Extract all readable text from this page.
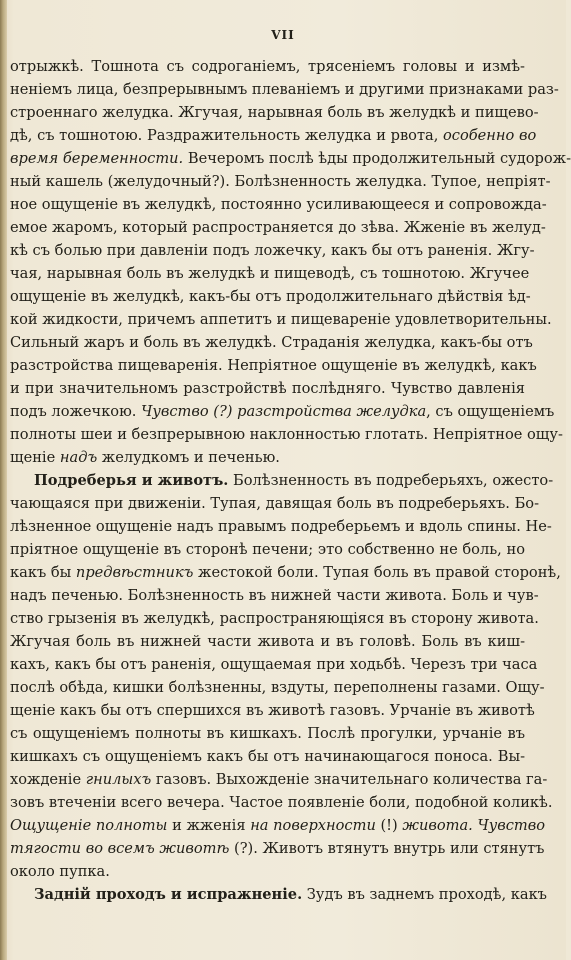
VII
отрыжкѣ. Тошнота съ содроганіемъ, трясеніемъ головы и измѣ-
неніемъ лица, безпрерывнымъ плеваніемъ и другими признаками раз-
строеннаго желудка. Жгучая, нарывная боль въ желудкѣ и пищево-
дѣ, съ тошнотою. Раздражительность желудка и рвота, особенно во
время беременности. Вечеромъ послѣ ѣды продолжительный судорож-
ный кашель (желудочный?). Болѣзненность желудка. Тупое, непріят-
ное ощущеніе въ желудкѣ, постоянно усиливающееся и сопровожда-
емое жаромъ, который распространяется до зѣва. Жженіе въ желуд-
кѣ съ болью при давленіи подъ ложечку, какъ бы отъ раненія. Жгу-
чая, нарывная боль въ желудкѣ и пищеводѣ, съ тошнотою. Жгучее
ощущеніе въ желудкѣ, какъ-бы отъ продолжительнаго дѣйствія ѣд-
кой жидкости, причемъ аппетитъ и пищевареніе удовлетворительны.
Сильный жаръ и боль въ желудкѣ. Страданія желудка, какъ-бы отъ
разстройства пищеваренія. Непріятное ощущеніе въ желудкѣ, какъ
и при значительномъ разстройствѣ послѣдняго. Чувство давленія
подъ ложечкою. Чувство (?) разстройства желудка, съ ощущеніемъ
полноты шеи и безпрерывною наклонностью глотать. Непріятное ощу-
щеніе надъ желудкомъ и печенью.
Подреберья и животъ. Болѣзненность въ подреберьяхъ, ожесто-
чающаяся при движеніи. Тупая, давящая боль въ подреберьяхъ. Бо-
лѣзненное ощущеніе надъ правымъ подреберьемъ и вдоль спины. Не-
пріятное ощущеніе въ сторонѣ печени; это собственно не боль, но
какъ бы предвѣстникъ жестокой боли. Тупая боль въ правой сторонѣ,
надъ печенью. Болѣзненность въ нижней части живота. Боль и чув-
ство грызенія въ желудкѣ, распространяющіяся въ сторону живота.
Жгучая боль въ нижней части живота и въ головѣ. Боль въ киш-
кахъ, какъ бы отъ раненія, ощущаемая при ходьбѣ. Черезъ три часа
послѣ обѣда, кишки болѣзненны, вздуты, переполнены газами. Ощу-
щеніе какъ бы отъ спершихся въ животѣ газовъ. Урчаніе въ животѣ
съ ощущеніемъ полноты въ кишкахъ. Послѣ прогулки, урчаніе въ
кишкахъ съ ощущеніемъ какъ бы отъ начинающагося поноса. Вы-
хожденіе гнилыхъ газовъ. Выхожденіе значительнаго количества га-
зовъ втеченіи всего вечера. Частое появленіе боли, подобной коликѣ.
Ощущеніе полноты и жженія на поверхности (!) живота. Чувство
тягости во всемъ животѣ (?). Животъ втянутъ внутрь или стянутъ
около пупка.
Задній проходъ и испражненіе. Зудъ въ заднемъ проходѣ, какъ
